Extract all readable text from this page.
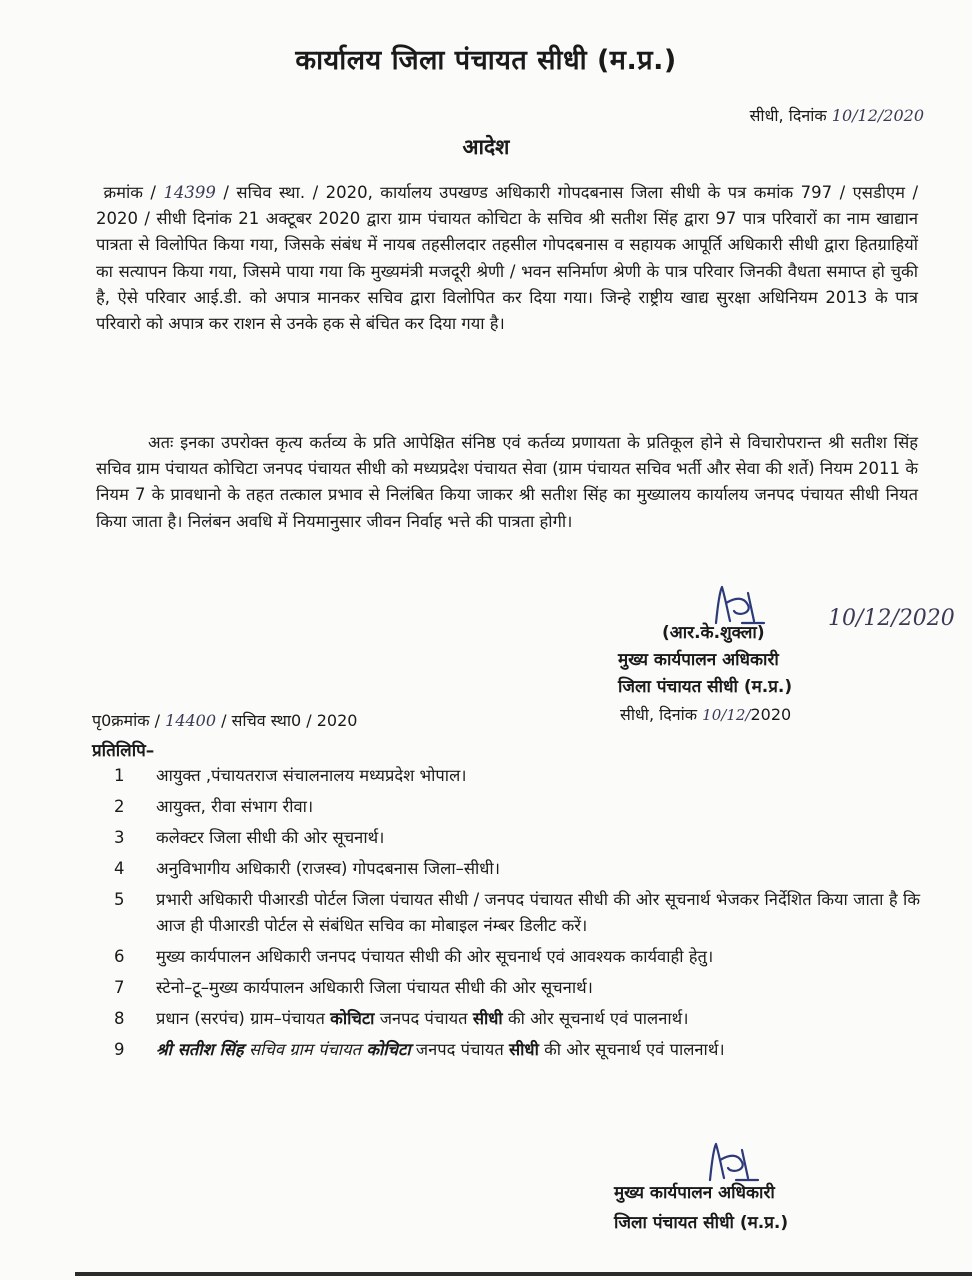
कार्यालय जिला पंचायत सीधी (म.प्र.)
सीधी, दिनांक 10/12/2020
आदेश
क्रमांक / 14399 / सचिव स्था. / 2020, कार्यालय उपखण्ड अधिकारी गोपदबनास जिला सीधी के पत्र कमांक 797 / एसडीएम / 2020 / सीधी दिनांक 21 अक्टूबर 2020 द्वारा ग्राम पंचायत कोचिटा के सचिव श्री सतीश सिंह द्वारा 97 पात्र परिवारों का नाम खाद्यान पात्रता से विलोपित किया गया, जिसके संबंध में नायब तहसीलदार तहसील गोपदबनास व सहायक आपूर्ति अधिकारी सीधी द्वारा हितग्राहियों का सत्यापन किया गया, जिसमे पाया गया कि मुख्यमंत्री मजदूरी श्रेणी / भवन सनिर्माण श्रेणी के पात्र परिवार जिनकी वैधता समाप्त हो चुकी है, ऐसे परिवार आई.डी. को अपात्र मानकर सचिव द्वारा विलोपित कर दिया गया। जिन्हे राष्ट्रीय खाद्य सुरक्षा अधिनियम 2013 के पात्र परिवारो को अपात्र कर राशन से उनके हक से बंचित कर दिया गया है।
अतः इनका उपरोक्त कृत्य कर्तव्य के प्रति आपेक्षित संनिष्ठ एवं कर्तव्य प्रणायता के प्रतिकूल होने से विचारोपरान्त श्री सतीश सिंह सचिव ग्राम पंचायत कोचिटा जनपद पंचायत सीधी को मध्यप्रदेश पंचायत सेवा (ग्राम पंचायत सचिव भर्ती और सेवा की शर्ते) नियम 2011 के नियम 7 के प्रावधानो के तहत तत्काल प्रभाव से निलंबित किया जाकर श्री सतीश सिंह का मुख्यालय कार्यालय जनपद पंचायत सीधी नियत किया जाता है। निलंबन अवधि में नियमानुसार जीवन निर्वाह भत्ते की पात्रता होगी।
10/12/2020
(आर.के.शुक्ला)
मुख्य कार्यपालन अधिकारी
जिला पंचायत सीधी (म.प्र.)
सीधी, दिनांक 10/12/2020
पृ0क्रमांक / 14400 / सचिव स्था0 / 2020
प्रतिलिपि–
1	आयुक्त ,पंचायतराज संचालनालय मध्यप्रदेश भोपाल।
2	आयुक्त, रीवा संभाग रीवा।
3	कलेक्टर जिला सीधी की ओर सूचनार्थ।
4	अनुविभागीय अधिकारी (राजस्व) गोपदबनास जिला–सीधी।
5	प्रभारी अधिकारी पीआरडी पोर्टल जिला पंचायत सीधी / जनपद पंचायत सीधी की ओर सूचनार्थ भेजकर निर्देशित किया जाता है कि आज ही पीआरडी पोर्टल से संबंधित सचिव का मोबाइल नंम्बर डिलीट करें।
6	मुख्य कार्यपालन अधिकारी जनपद पंचायत सीधी की ओर सूचनार्थ एवं आवश्यक कार्यवाही हेतु।
7	स्टेनो–टू–मुख्य कार्यपालन अधिकारी जिला पंचायत सीधी की ओर सूचनार्थ।
8	प्रधान (सरपंच) ग्राम–पंचायत कोचिटा जनपद पंचायत सीधी की ओर सूचनार्थ एवं पालनार्थ।
9	श्री सतीश सिंह सचिव ग्राम पंचायत कोचिटा जनपद पंचायत सीधी की ओर सूचनार्थ एवं पालनार्थ।
मुख्य कार्यपालन अधिकारी
जिला पंचायत सीधी (म.प्र.)
